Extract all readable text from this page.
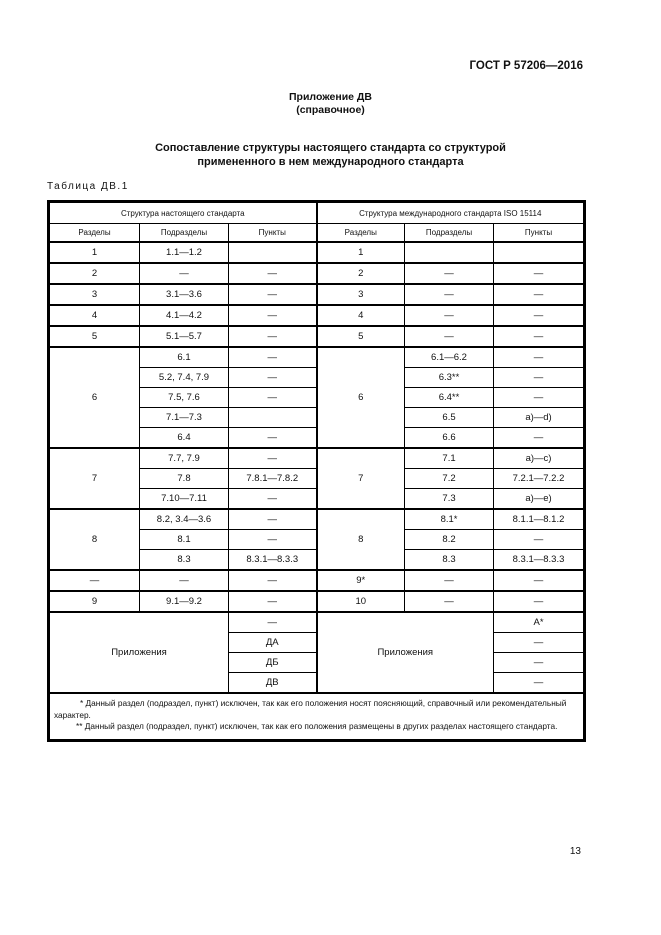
ГОСТ Р 57206—2016
Приложение ДВ
(справочное)
Сопоставление структуры настоящего стандарта со структурой
примененного в нем международного стандарта
Таблица ДВ.1
Структура настоящего стандарта			Структура международного стандарта ISO 15114		
Разделы	Подразделы	Пункты	Разделы	Подразделы	Пункты
1	1.1—1.2		1		
2	—	—	2	—	—
3	3.1—3.6	—	3	—	—
4	4.1—4.2	—	4	—	—
5	5.1—5.7	—	5	—	—
6	6.1	—	6	6.1—6.2	—
	5.2, 7.4, 7.9	—		6.3**	—
	7.5, 7.6	—		6.4**	—
	7.1—7.3			6.5	a)—d)
	6.4	—		6.6	—
7	7.7, 7.9	—	7	7.1	a)—c)
	7.8	7.8.1—7.8.2		7.2	7.2.1—7.2.2
	7.10—7.11	—		7.3	a)—e)
8	8.2, 3.4—3.6	—	8	8.1*	8.1.1—8.1.2
	8.1	—		8.2	—
	8.3	8.3.1—8.3.3		8.3	8.3.1—8.3.3
—	—	—	9*	—	—
9	9.1—9.2	—	10	—	—
Приложения		—	Приложения		А*
		ДА			—
		ДБ			—
		ДВ			—

* Данный раздел (подраздел, пункт) исключен, так как его положения носят поясняющий, справочный или рекомендательный характер.
** Данный раздел (подраздел, пункт) исключен, так как его положения размещены в других разделах настоящего стандарта.					
13
